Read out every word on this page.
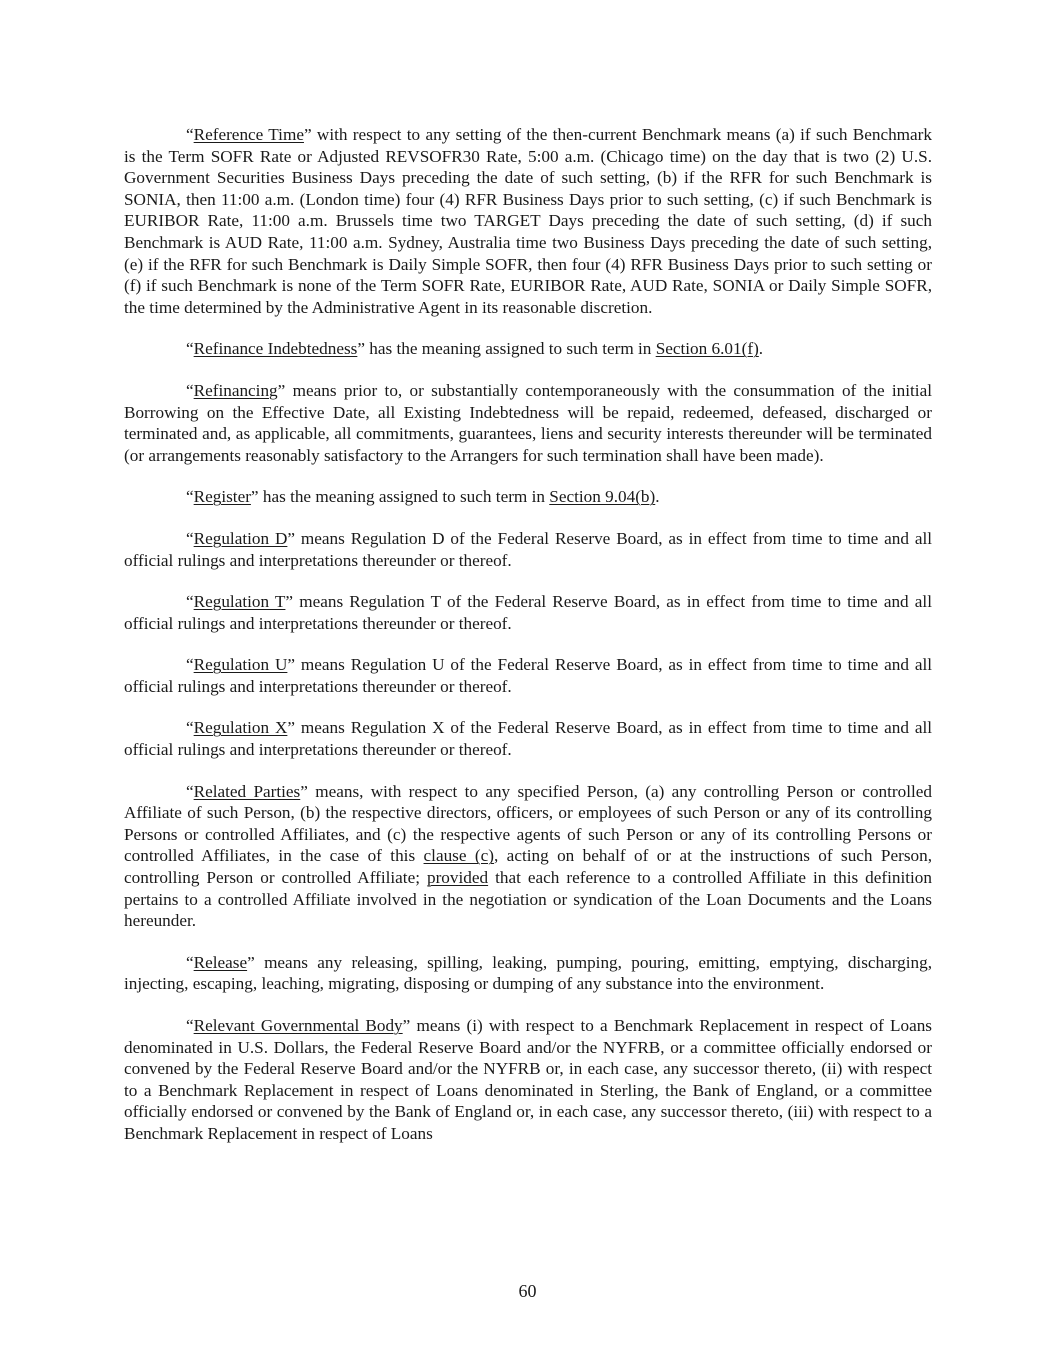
“Reference Time” with respect to any setting of the then-current Benchmark means (a) if such Benchmark is the Term SOFR Rate or Adjusted REVSOFR30 Rate, 5:00 a.m. (Chicago time) on the day that is two (2) U.S. Government Securities Business Days preceding the date of such setting, (b) if the RFR for such Benchmark is SONIA, then 11:00 a.m. (London time) four (4) RFR Business Days prior to such setting, (c) if such Benchmark is EURIBOR Rate, 11:00 a.m. Brussels time two TARGET Days preceding the date of such setting, (d) if such Benchmark is AUD Rate, 11:00 a.m. Sydney, Australia time two Business Days preceding the date of such setting, (e) if the RFR for such Benchmark is Daily Simple SOFR, then four (4) RFR Business Days prior to such setting or (f) if such Benchmark is none of the Term SOFR Rate, EURIBOR Rate, AUD Rate, SONIA or Daily Simple SOFR, the time determined by the Administrative Agent in its reasonable discretion.

“Refinance Indebtedness” has the meaning assigned to such term in Section 6.01(f).

“Refinancing” means prior to, or substantially contemporaneously with the consummation of the initial Borrowing on the Effective Date, all Existing Indebtedness will be repaid, redeemed, defeased, discharged or terminated and, as applicable, all commitments, guarantees, liens and security interests thereunder will be terminated (or arrangements reasonably satisfactory to the Arrangers for such termination shall have been made).

“Register” has the meaning assigned to such term in Section 9.04(b).

“Regulation D” means Regulation D of the Federal Reserve Board, as in effect from time to time and all official rulings and interpretations thereunder or thereof.

“Regulation T” means Regulation T of the Federal Reserve Board, as in effect from time to time and all official rulings and interpretations thereunder or thereof.

“Regulation U” means Regulation U of the Federal Reserve Board, as in effect from time to time and all official rulings and interpretations thereunder or thereof.

“Regulation X” means Regulation X of the Federal Reserve Board, as in effect from time to time and all official rulings and interpretations thereunder or thereof.

“Related Parties” means, with respect to any specified Person, (a) any controlling Person or controlled Affiliate of such Person, (b) the respective directors, officers, or employees of such Person or any of its controlling Persons or controlled Affiliates, and (c) the respective agents of such Person or any of its controlling Persons or controlled Affiliates, in the case of this clause (c), acting on behalf of or at the instructions of such Person, controlling Person or controlled Affiliate; provided that each reference to a controlled Affiliate in this definition pertains to a controlled Affiliate involved in the negotiation or syndication of the Loan Documents and the Loans hereunder.

“Release” means any releasing, spilling, leaking, pumping, pouring, emitting, emptying, discharging, injecting, escaping, leaching, migrating, disposing or dumping of any substance into the environment.

“Relevant Governmental Body” means (i) with respect to a Benchmark Replacement in respect of Loans denominated in U.S. Dollars, the Federal Reserve Board and/or the NYFRB, or a committee officially endorsed or convened by the Federal Reserve Board and/or the NYFRB or, in each case, any successor thereto, (ii) with respect to a Benchmark Replacement in respect of Loans denominated in Sterling, the Bank of England, or a committee officially endorsed or convened by the Bank of England or, in each case, any successor thereto, (iii) with respect to a Benchmark Replacement in respect of Loans

60
